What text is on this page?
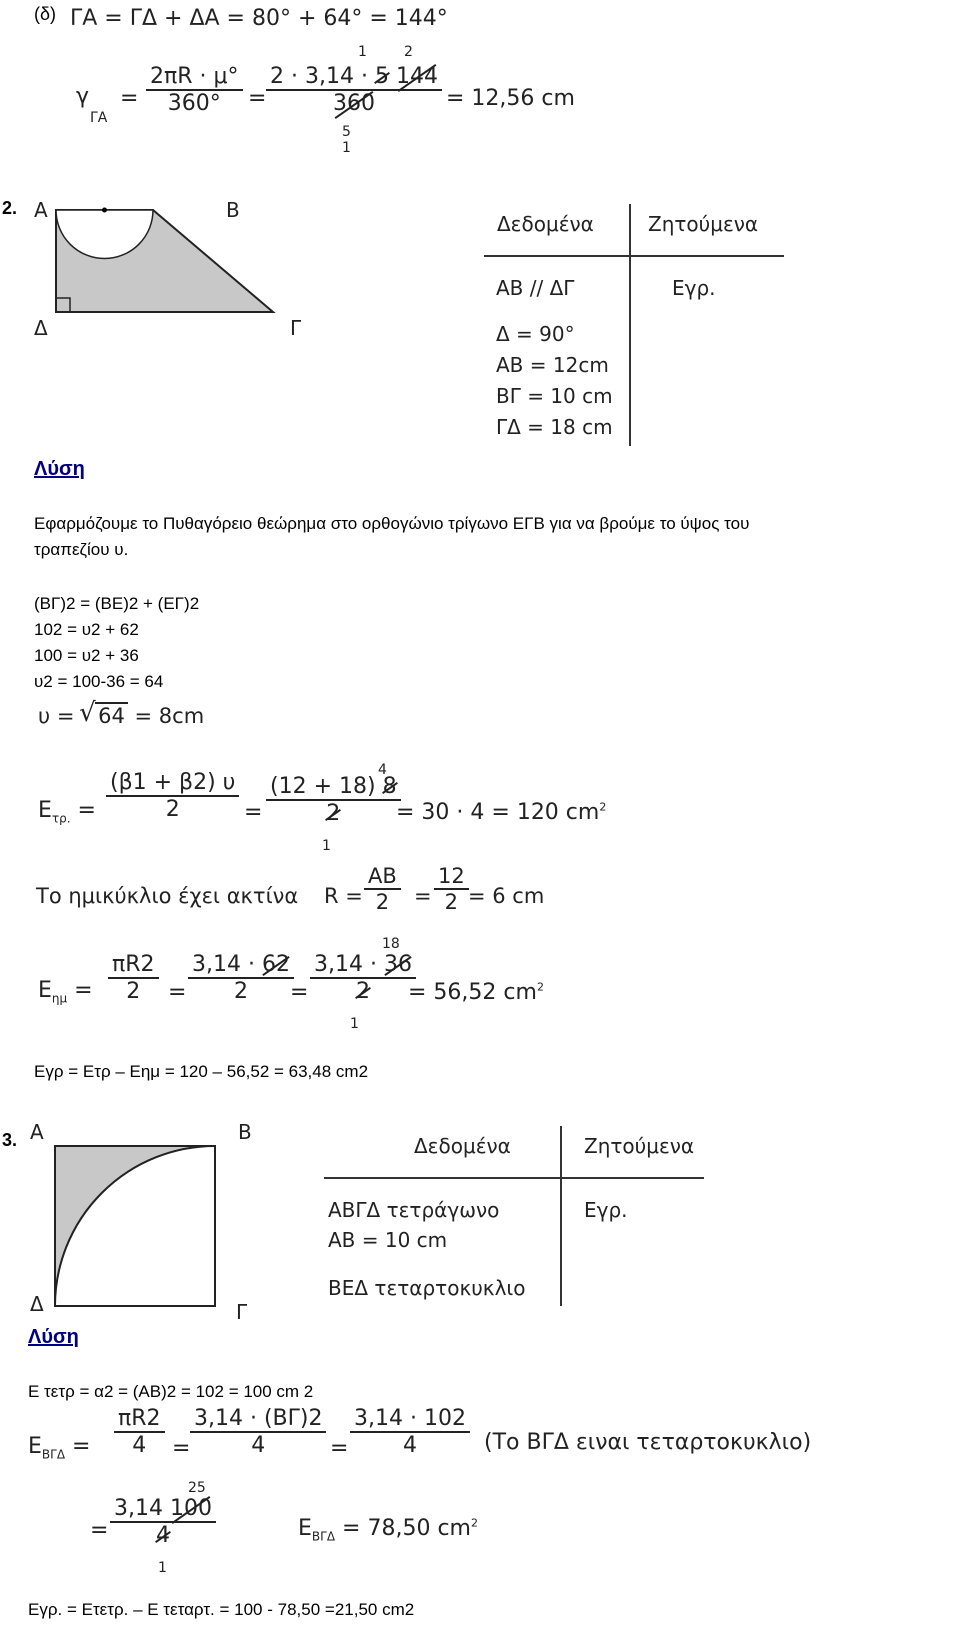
(δ) ΓΑ = ΓΔ + ΔΑ = 80° + 64° = 144°
γ
ΓΑ
=
2πR · μ°
360° =
1	2
2 · 3,14 · 5 144
360
5
1
= 12,56 cm
2. A	B
Δ	Γ
Δεδομένα	Ζητούμενα
AB // ΔΓ
Δ = 90°
AB = 12cm
BΓ = 10 cm
ΓΔ = 18 cm
Eγρ.
Λύση
Εφαρμόζουμε το Πυθαγόρειο θεώρημα στο ορθογώνιο τρίγωνο ΕΓΒ για να βρούμε το ύψος του
τραπεζίου υ.
(ΒΓ)2 = (ΒΕ)2 + (ΕΓ)2
102 = υ2 + 62
100 = υ2 + 36
υ2 = 100-36 = 64
υ = √ 64 = 8cm
$E_{\tau\rho.}$ =
(β1 + β2) υ
2	=
4
(12 + 18) 8
2
1
= 30 · 4 = 120 $cm^2$
Το ημικύκλιο έχει ακτίνα R =
AB
2 =
12
2 = 6 cm
$E_{\eta\mu}$ =
πR2
2 =
3,14 · 62
2 =
18
3,14 · 36
2
1
= 56,52 $cm^2$
Eγρ = Eτρ – Eημ = 120 – 56,52 = 63,48 cm2
3. A	B
Δ	Γ
Δεδομένα	Ζητούμενα
ΑΒΓΔ τετράγωνο
AB = 10 cm
BΕΔ τεταρτοκυκλιο
Eγρ.
Λύση
E τετρ = α2 = (AB)2 = 102 = 100 cm 2
$E_{B\Gamma\Delta}$ =
πR2
4 =
3,14 · (ΒΓ)2
4	=
3,14 · 102
4	(Το ΒΓΔ ειναι τεταρτοκυκλιο)
=
25
3,14 100
4
1
$E_{B\Gamma\Delta} = 78,50$ $cm^2$
Eγρ. = Eτετρ. – E τεταρτ. = 100 - 78,50 =21,50 cm2
